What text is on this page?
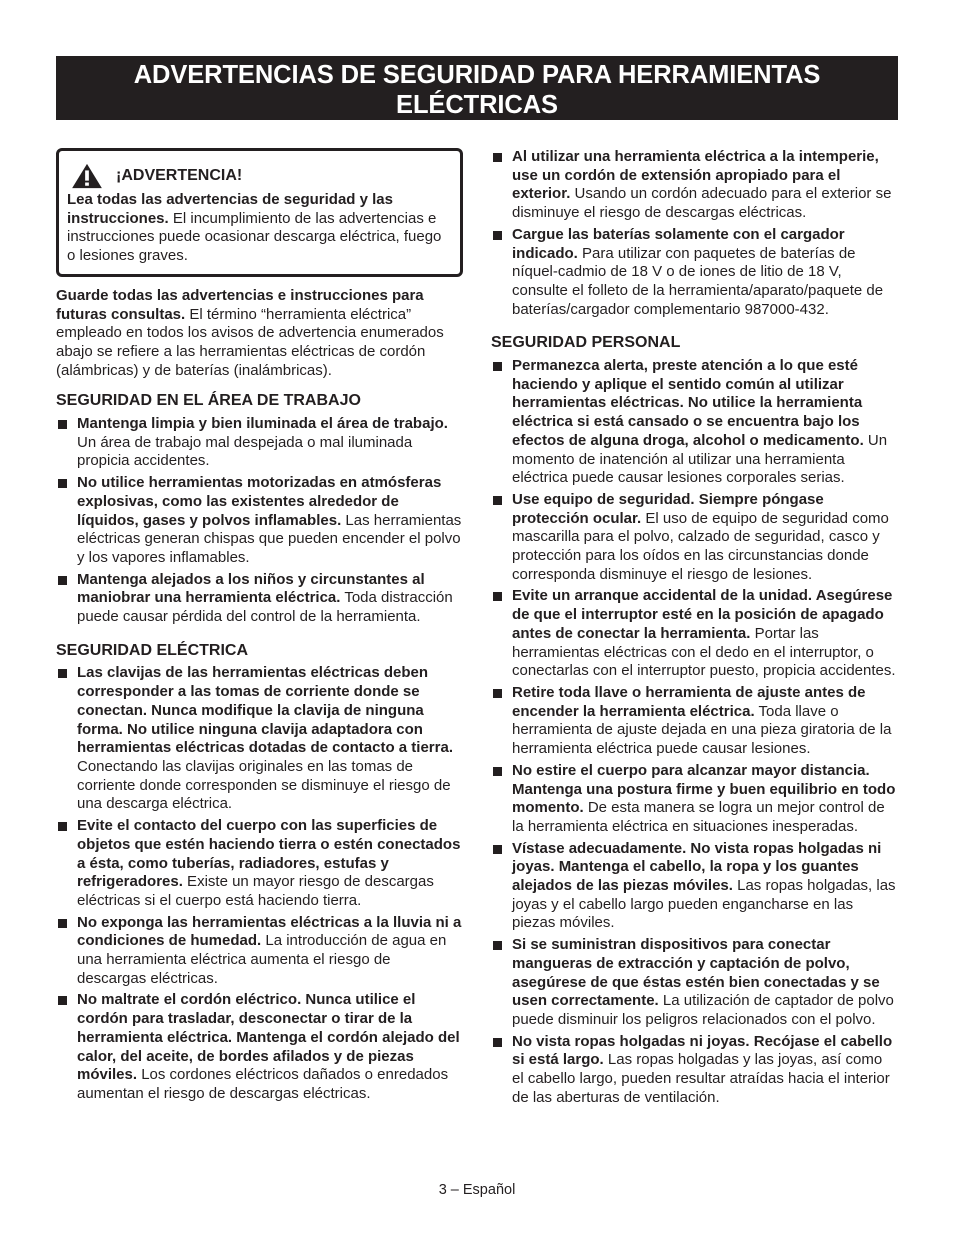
ADVERTENCIAS DE SEGURIDAD PARA HERRAMIENTAS
ELÉCTRICAS
¡ADVERTENCIA!
Lea todas las advertencias de seguridad y las instrucciones. El incumplimiento de las advertencias e instrucciones puede ocasionar descarga eléctrica, fuego o lesiones graves.
Guarde todas las advertencias e instrucciones para futuras consultas. El término “herramienta eléctrica” empleado en todos los avisos de advertencia enumerados abajo se refiere a las herramientas eléctricas de cordón (alámbricas) y de baterías (inalámbricas).
SEGURIDAD EN EL ÁREA DE TRABAJO
Mantenga limpia y bien iluminada el área de trabajo. Un área de trabajo mal despejada o mal iluminada propicia accidentes.
No utilice herramientas motorizadas en atmósferas explosivas, como las existentes alrededor de líquidos, gases y polvos inflamables. Las herramientas eléctricas generan chispas que pueden encender el polvo y los vapores inflamables.
Mantenga alejados a los niños y circunstantes al maniobrar una herramienta eléctrica. Toda distracción puede causar pérdida del control de la herramienta.
SEGURIDAD ELÉCTRICA
Las clavijas de las herramientas eléctricas deben corresponder a las tomas de corriente donde se conectan. Nunca modifique la clavija de ninguna forma. No utilice ninguna clavija adaptadora con herramientas eléctricas dotadas de contacto a tierra. Conectando las clavijas originales en las tomas de corriente donde corresponden se disminuye el riesgo de una descarga eléctrica.
Evite el contacto del cuerpo con las superficies de objetos que estén haciendo tierra o estén conectados a ésta, como tuberías, radiadores, estufas y refrigeradores. Existe un mayor riesgo de descargas eléctricas si el cuerpo está haciendo tierra.
No exponga las herramientas eléctricas a la lluvia ni a condiciones de humedad. La introducción de agua en una herramienta eléctrica aumenta el riesgo de descargas eléctricas.
No maltrate el cordón eléctrico. Nunca utilice el cordón para trasladar, desconectar o tirar de la herramienta eléctrica. Mantenga el cordón alejado del calor, del aceite, de bordes afilados y de piezas móviles. Los cordones eléctricos dañados o enredados aumentan el riesgo de descargas eléctricas.
Al utilizar una herramienta eléctrica a la intemperie, use un cordón de extensión apropiado para el exterior. Usando un cordón adecuado para el exterior se disminuye el riesgo de descargas eléctricas.
Cargue las baterías solamente con el cargador indicado. Para utilizar con paquetes de baterías de níquel-cadmio de 18 V o de iones de litio de 18 V, consulte el folleto de la herramienta/aparato/paquete de baterías/cargador complementario 987000-432.
SEGURIDAD PERSONAL
Permanezca alerta, preste atención a lo que esté haciendo y aplique el sentido común al utilizar herramientas eléctricas. No utilice la herramienta eléctrica si está cansado o se encuentra bajo los efectos de alguna droga, alcohol o medicamento. Un momento de inatención al utilizar una herramienta eléctrica puede causar lesiones corporales serias.
Use equipo de seguridad. Siempre póngase protección ocular. El uso de equipo de seguridad como mascarilla para el polvo, calzado de seguridad, casco y protección para los oídos en las circunstancias donde corresponda disminuye el riesgo de lesiones.
Evite un arranque accidental de la unidad. Asegúrese de que el interruptor esté en la posición de apagado antes de conectar la herramienta. Portar las herramientas eléctricas con el dedo en el interruptor, o conectarlas con el interruptor puesto, propicia accidentes.
Retire toda llave o herramienta de ajuste antes de encender la herramienta eléctrica. Toda llave o herramienta de ajuste dejada en una pieza giratoria de la herramienta eléctrica puede causar lesiones.
No estire el cuerpo para alcanzar mayor distancia. Mantenga una postura firme y buen equilibrio en todo momento. De esta manera se logra un mejor control de la herramienta eléctrica en situaciones inesperadas.
Vístase adecuadamente. No vista ropas holgadas ni joyas. Mantenga el cabello, la ropa y los guantes alejados de las piezas móviles. Las ropas holgadas, las joyas y el cabello largo pueden engancharse en las piezas móviles.
Si se suministran dispositivos para conectar mangueras de extracción y captación de polvo, asegúrese de que éstas estén bien conectadas y se usen correctamente. La utilización de captador de polvo puede disminuir los peligros relacionados con el polvo.
No vista ropas holgadas ni joyas. Recójase el cabello si está largo. Las ropas holgadas y las joyas, así como el cabello largo, pueden resultar atraídas hacia el interior de las aberturas de ventilación.
3 – Español
